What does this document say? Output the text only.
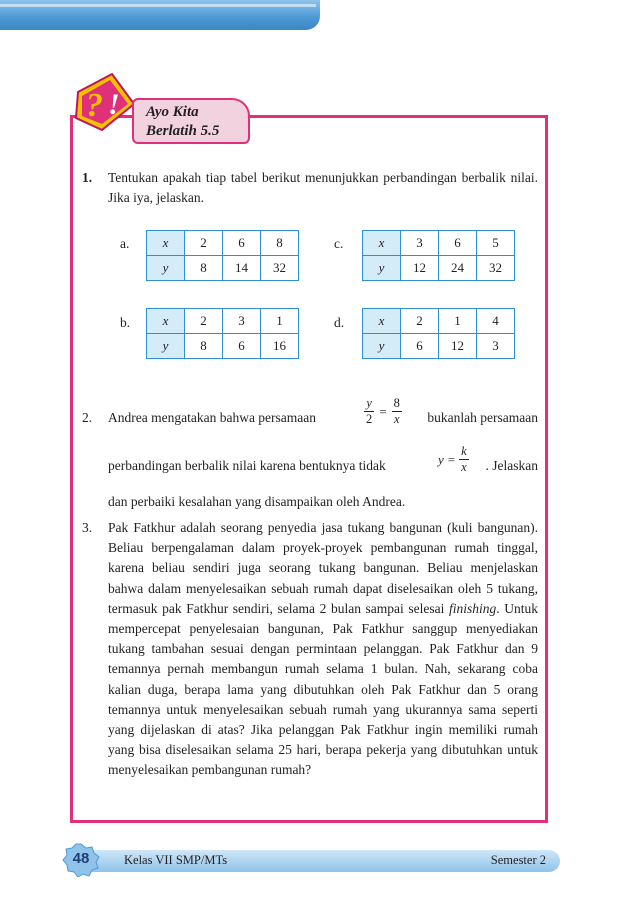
? ! Ayo Kita
Berlatih 5.5
1. Tentukan apakah tiap tabel berikut menunjukkan perbandingan berbalik nilai. Jika iya, jelaskan.
a.	x	2	6	8
y	8	14	32
c.	x	3	6	5
y	12	24	32
b. x	2	3	1
y	8	6	16
d.	x	2	1	4
y	6	12	3
2. Andrea mengatakan bahwa persamaan	$\frac{y}{2} = \frac{8}{x}$ bukanlah persamaan
perbandingan berbalik nilai karena bentuknya tidak	$y = \frac{k}{x}$ . Jelaskan
dan perbaiki kesalahan yang disampaikan oleh Andrea.
3. Pak Fatkhur adalah seorang penyedia jasa tukang bangunan (kuli bangunan). Beliau berpengalaman dalam proyek-proyek pembangunan rumah tinggal, karena beliau sendiri juga seorang tukang bangunan. Beliau menjelaskan bahwa dalam menyelesaikan sebuah rumah dapat diselesaikan oleh 5 tukang, termasuk pak Fatkhur sendiri, selama 2 bulan sampai selesai finishing. Untuk mempercepat penyelesaian bangunan, Pak Fatkhur sanggup menyediakan tukang tambahan sesuai dengan permintaan pelanggan. Pak Fatkhur dan 9 temannya pernah membangun rumah selama 1 bulan. Nah, sekarang coba kalian duga, berapa lama yang dibutuhkan oleh Pak Fatkhur dan 5 orang temannya untuk menyelesaikan sebuah rumah yang ukurannya sama seperti yang dijelaskan di atas? Jika pelanggan Pak Fatkhur ingin memiliki rumah yang bisa diselesaikan selama 25 hari, berapa pekerja yang dibutuhkan untuk menyelesaikan pembangunan rumah?
48	Kelas VII SMP/MTs	Semester 2
